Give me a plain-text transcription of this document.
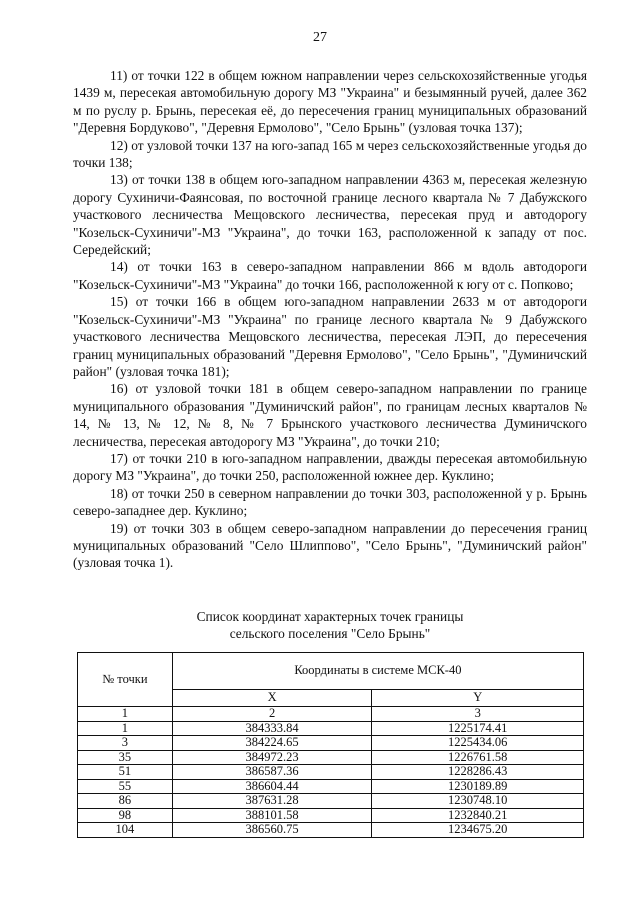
27

11) от точки 122 в общем южном направлении через сельскохозяйственные угодья 1439 м, пересекая автомобильную дорогу МЗ "Украина" и безымянный ручей, далее 362 м по руслу р. Брынь, пересекая её, до пересечения границ муниципальных образований "Деревня Бордуково", "Деревня Ермолово", "Село Брынь" (узловая точка 137);

12) от узловой точки 137 на юго-запад 165 м через сельскохозяйственные угодья до точки 138;

13) от точки 138 в общем юго-западном направлении 4363 м, пересекая железную дорогу Сухиничи-Фаянсовая, по восточной границе лесного квартала № 7 Дабужского участкового лесничества Мещовского лесничества, пересекая пруд и автодорогу "Козельск-Сухиничи"-МЗ "Украина", до точки 163, расположенной к западу от пос. Середейский;

14) от точки 163 в северо-западном направлении 866 м вдоль автодороги "Козельск-Сухиничи"-МЗ "Украина" до точки 166, расположенной к югу от с. Попково;

15) от точки 166 в общем юго-западном направлении 2633 м от автодороги "Козельск-Сухиничи"-МЗ "Украина" по границе лесного квартала № 9 Дабужского участкового лесничества Мещовского лесничества, пересекая ЛЭП, до пересечения границ муниципальных образований "Деревня Ермолово", "Село Брынь", "Думиничский район" (узловая точка 181);

16) от узловой точки 181 в общем северо-западном направлении по границе муниципального образования "Думиничский район", по границам лесных кварталов № 14, № 13, № 12, № 8, № 7 Брынского участкового лесничества Думиничского лесничества, пересекая автодорогу МЗ "Украина", до точки 210;

17) от точки 210 в юго-западном направлении, дважды пересекая автомобильную дорогу МЗ "Украина", до точки 250, расположенной южнее дер. Куклино;

18) от точки 250 в северном направлении до точки 303, расположенной у р. Брынь северо-западнее дер. Куклино;

19) от точки 303 в общем северо-западном направлении до пересечения границ муниципальных образований "Село Шлиппово", "Село Брынь", "Думиничский район" (узловая точка 1).

Список координат характерных точек границы
сельского поселения "Село Брынь"
№ точки	Координаты в системе МСК-40	
	X	Y
1	2	3
1	384333.84	1225174.41
3	384224.65	1225434.06
35	384972.23	1226761.58
51	386587.36	1228286.43
55	386604.44	1230189.89
86	387631.28	1230748.10
98	388101.58	1232840.21
104	386560.75	1234675.20
